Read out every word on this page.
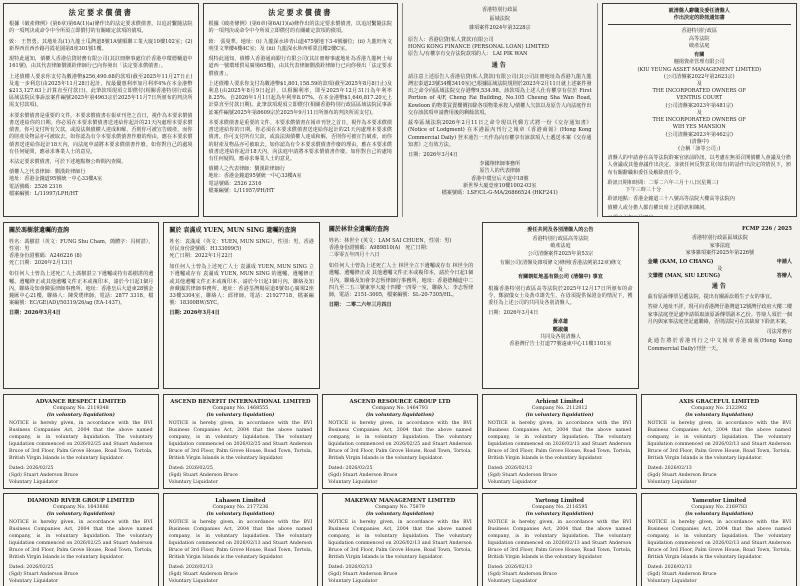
法定要求償債書

根據《破產條例》(第6章)第6A(1)(a)條作出的法定要求償債書，以追討繫隨法院的一項判決或命令中今所須立即償付的有關確定款項的債項。

致： 王智勇。其地址為(1)九龍土瓜灣道8號1A號順聯工業大廈10樓102室；(2)新界西貢西沙路丹霞花園第8座301號1樓。

現特此通知，債權人香港信貸財務有限公司(其註冊辦事處位於香港中環德輔道中161號)，由其代表律師劉漢銓律師行已向你發出「法定要求償債書」。

上述債權人要求你支付為數港幣$256,490.68的款項(截至2025年11月27日止)及進一步利息(由2025年11月28日起計，按最優惠利率加月利率4%在本金港幣$213,127.63上計算直至付款日)。此筆款項現須立即償付(相關香港特別行政區區域法院民事訴訟案件編號2025年第4963宗於2025年11月7日所頒布的判決所需支付款項)。

本要求償債書是重要的文件。本要求償債書在報章刊登之首日，視作為本要求償債書送達給你的日期。你必須在本要求償債書送達給你起計的21天內處理本要求償債書。你可支付所有欠款，或設法與債權人達成和解，否則你可被宣告破產，而你的財產及物品亦可被取去。如你認為有令本要求償債書作廢的理由，應在本要求償債書送達給你起計18天內，向法庭申請將本要求償債書作廢。如你對自己的處境有任何疑問，應尋求專業人士的意見。

本法定要求償債書，可於下述地點辦公時間內查閱。

債權人之代表律師：劉漢銓律師行
地址：香港金鐘道95號統一中心33樓A室
電話號碼：2526 2316
檔案編號：L/11997/LPH/HT
法定要求償債書

根據《破產條例》(第6章)第6A(1)(a)條作出的法定要求償債書，以追討繫隨法院的一項判決或命令中今所須立即償付的有關確定款項的債項。

致： 張曼華。地址：(i) 九龍深水埗青山道475號地下3-4號舖位；(ii) 九龍旺角文明里文華樓4樓4C室；及 (iii) 九龍深水埗西邨榮昌樓2樓C室。

現特此通知，債權人香港通商銀行有限公司(其註冊辦事處地址為香港九龍柯士甸道西一號環球貿易廣場65樓)，由其代表律師劉漢銓律師行已向你發出「法定要求償債書」。

上述債權人要求你支付為數港幣$1,801,158.59的款項(截至2025年8月8日止)及利息(由2025年8月9日起計，以相關利率，即至2025年12月31日為年利率8.25%、自2026年1月1日起為年利率8.07%，在本金港幣$1,646,817.20元上計算直至付款日期)。此筆款項現須立即償付(相關香港特別行政區區域法院民事訴訟案件編號2025年第8609宗於2025年9月11日所頒布的判決所需支付)。

本要求償債書是重要的文件。本要求償債書在報章刊登之首日，視作為本要求償債書送達給你的日期。你必須在本要求償債書送達給你起計的21天內處理本要求償債書。你可支付所有欠款，或設法與債權人達成和解，否則你可被宣告破產，而你的財產及物品亦可被取去。如你認為有令本要求償債書作廢的理由，應在本要求償債書送達給你起計18天內，向法庭申請將本要求償債書作廢。如你對自己的處境有任何疑問，應尋求專業人士的意見。

債權人之代表律師：劉漢銓律師行
地址：香港金鐘道95號統一中心33樓A室
電話號碼：2526 2316
檔案編號：L/11957/PH/HT
香港特別行政區
區域法院
雜項案件2024年第3228宗
原告人：香港信貸(私人貸款)有限公司
HONG KONG FINANCE (PERSONAL LOAN) LIMITED
原告人/有權享有交存法院款項的人： LAI PIK WAN
通告

請注意上述原告人香港信貸(私人貸款)有限公司(其公司註冊地址為香港九龍九龍灣宏泰道23號34樓3410室)已根據區域法院規則於2023年2月11日就上述案件發出之命令向區域法院交存港幣9,534.98。該款項為上述人仕有權享有位於 First Portion of 4/F, Cheng Fai Building, No.105 Cheung Sha Wan Road, Kowloon 的物業買賣樓價扣除各項物業承按人/債權人欠款以及原告人向法庭作出交存該款項申請費用後的剩餘款項。

茲奉區域法院2026年2月11日之命令現以代郵方式將一份《交存通知書》(Notice of Lodgment) 在本港區內刊行之報章《香港商報》(Hong Kong Commercial Daily) 登本通告一天作為向有權享有該款項人士遞送本案《交存通知書》之有效方法。

日期：2026年3月4日
李國翔律師事務所
原告人的代表律師
香港中環皇后大道中18號
新世界大廈壹座10樓1002-03室
檔案號碼：LSF/CL-G-MA/26866524 (HKF241)
就清盤人辭職及委任清盤人
作出決定的聆訊通知書
香港特別行政區
高等法院
破產法庭
有關
翹揚資產管理有限公司
(KIU YEUNG ASSET MANAGEMENT LIMITED)
(公司清盤案2022年第2623宗)
及
THE INCORPORATED OWNERS OF
VENTRIS COURT
(公司清盤案2023年第481宗)
及
THE INCORPORATED OWNERS OF
WIH YES MANSION
(公司清盤案2023年第462宗)
(清盤中)
(合稱「該等公司」)

清盤人的申請會在高等法院聆案官席前聆訊，以考慮在無須召開債權人會議及分擔人會議或其他會議作出決定、並就任何反對意見(如有)的話作出決定的情況下，頒布有關辭職和委任及解除責任令。

聆訊日期和時間：二零二六年三月十八日(星期三)
下午三時三十分
聆訊地點：香港金鐘道三十八號高等法院大樓高等法院內
債權人或分擔人都有權出席上述聆訊和陳詞。
關於馮樹湛遺囑的查詢
姓名：馮樹湛（英文：FUNG Shu Cham，簡體字：冯树湛），性別：男
香港身份證號碼：A246226 (8)
死亡日期：2026年2月13日

如任何人士曾為上述死亡人士馮樹湛立下遺囑或持有馮樹湛的遺囑、遺囑修正或其他遺囑文件正本或複印本，請於今日起1個月內，聯絡及知會陳張律師事務所，地址：香港皇后大道東28號金鐘匯中心21樓，聯絡人：陳愛瑤律師，電話：2877 3318，檔案編號：EC/GE(AD)/50319/26/ag (EA-1437)。

日期：2026年3月4日
關於 袁滿成 YUEN, MUN SING 遺囑的查詢
姓名：袁滿成（英文：YUEN, MUN SING），性別：男，香港居民身份證號碼：H133099(5)
死亡日期：2022年1月22日

如任何人士曾為上述死亡人士 袁滿成 YUEN, MUN SING 立下遺囑或存有 袁滿成 YUEN, MUN SING 的遺囑、遺囑修正或其他遺囑文件正本或複印本，請於今日起1個月內，聯絡及知會戴國洪律師事務所，地址：香港荃灣楊屋道8號如心廣場2座33樓3304室，聯絡人：邱律師，電話：21927718，檔案編號：18300BW/SYC。

日期: 2026年3月4日
關於林世全遺囑的查詢
姓名：林世全 (英文：LAM SAI CHUEN，性別：男)
香港身份證號碼：A989810(A)　死亡日期：
二零零五年四月十八日

如任何人士曾為上述死亡人士 林世全立下遺囑或存有 林世全的遺囑、遺囑修正或 其他遺囑文件正本或複印本，請於今日起1個月內，聯絡及知會李志恆律師行事務所，地址：香港德輔道中二四九至二五三號東寧大廈十四樓一四零一室，聯絡人：李志恆律師，電話：2151-3005，檔案編號：SL-20-7305/HL。

日期： 二零二六年三月四日
委任共同及各別清盤人的公告
香港特別行政區高等法院
破產法庭
公司清盤案件2025年第53宗
有關公司(清盤及雜項條文)條例(香港法例第32章)條文
及
有關朝虹地基有限公司 (清盤中) 事宜

根據香港特別行政區高等法院於2025年12月17日所頒布的命令，鄭淑儀女士及黃卓雄先生，在毋須提供保證金的情況下，獲委任為上述公司的共同及各別清盤人。

日期：2026年3月4日
黃卓雄
鄭淑儀
共同及各別清盤人
香港灣仔告士打道77號遠東中心11樓1101室
FCMP 226 / 2025
香港特別行政區區域法院
家事法庭
家事雜項案件2025年第226號
金曦 (KAM, LO CHANG)	申請人
及
文肇樑 (MAN, SIU LEUNG)	答辯人
通告

茲有原訴傳票呈遞法院，提出有關訴訟婚生子女的事宜。

答辯人地址不詳，現可向香港灣仔港灣道12號灣仔政府大樓二樓家事法庭登記處申請領取該原訴傳票副本乙份。答辯人須於一個月內與家事法庭登記處聯絡，否則法院可在其缺席下聆訊本案。

司法常務官

此通告將於香港刊行之中文報章香港商報(Hong Kong Commercial Daily)刊登一天。

ADVANCE RESPECT LIMITED
Company No. 2119348
(in voluntary liquidation)
NOTICE is hereby given, in accordance with the BVI Business Companies Act, 2004 that the above named company, is in voluntary liquidation. The voluntary liquidation commenced on 2026/02/25 and Stuart Anderson Bruce of 3rd Floor, Palm Grove House, Road Town, Tortola, British Virgin Islands is the voluntary liquidator.
Dated: 2026/02/25
(Sgd) Stuart Anderson Bruce
Voluntary Liquidator
ASCEND BENEFIT INTERNATIONAL LIMITED
Company No. 1468555
(in voluntary liquidation)
NOTICE is hereby given, in accordance with the BVI Business Companies Act, 2004 that the above named company, is in voluntary liquidation. The voluntary liquidation commenced on 2026/02/25 and Stuart Anderson Bruce of 3rd Floor, Palm Grove House, Road Town, Tortola, British Virgin Islands is the voluntary liquidator.
Dated: 2026/02/25
(Sgd) Stuart Anderson Bruce
Voluntary Liquidator
ASCEND RESOURCE GROUP LTD
Company No. 1464793
(in voluntary liquidation)
NOTICE is hereby given, in accordance with the BVI Business Companies Act, 2004 that the above named company, is in voluntary liquidation. The voluntary liquidation commenced on 2026/02/25 and Stuart Anderson Bruce of 3rd Floor, Palm Grove House, Road Town, Tortola, British Virgin Islands is the voluntary liquidator.
Dated: 2026/02/25
(Sgd) Stuart Anderson Bruce
Voluntary Liquidator
Arhient Limited
Company No. 2112812
(in voluntary liquidation)
NOTICE is hereby given, in accordance with the BVI Business Companies Act, 2004 that the above named company, is in voluntary liquidation. The voluntary liquidation commenced on 2026/02/13 and Stuart Anderson Bruce of 3rd Floor, Palm Grove House, Road Town, Tortola, British Virgin Islands is the voluntary liquidator.
Dated: 2026/02/13
(Sgd) Stuart Anderson Bruce
Voluntary Liquidator
AXIS GRACEFUL LIMITED
Company No. 2122902
(in voluntary liquidation)
NOTICE is hereby given, in accordance with the BVI Business Companies Act, 2004 that the above named company, is in voluntary liquidation. The voluntary liquidation commenced on 2026/02/13 and Stuart Anderson Bruce of 3rd Floor, Palm Grove House, Road Town, Tortola, British Virgin Islands is the voluntary liquidator.
Dated: 2026/02/13
(Sgd) Stuart Anderson Bruce
Voluntary Liquidator
DIAMOND RIVER GROUP LIMITED
Company No. 1643886
(in voluntary liquidation)
NOTICE is hereby given, in accordance with the BVI Business Companies Act, 2004 that the above named company, is in voluntary liquidation. The voluntary liquidation commenced on 2026/02/25 and Stuart Anderson Bruce of 3rd Floor, Palm Grove House, Road Town, Tortola, British Virgin Islands is the voluntary liquidator.
Dated: 2026/02/25
(Sgd) Stuart Anderson Bruce
Voluntary Liquidator
Lahasen Limited
Company No. 2177236
(in voluntary liquidation)
NOTICE is hereby given, in accordance with the BVI Business Companies Act, 2004 that the above named company, is in voluntary liquidation. The voluntary liquidation commenced on 2026/02/13 and Stuart Anderson Bruce of 3rd Floor, Palm Grove House, Road Town, Tortola, British Virgin Islands is the voluntary liquidator.
Dated: 2026/02/13
(Sgd) Stuart Anderson Bruce
Voluntary Liquidator
MAKEWAY MANAGEMENT LIMITED
Company No. 75879
(in voluntary liquidation)
NOTICE is hereby given, in accordance with the BVI Business Companies Act, 2004 that the above named company, is in voluntary liquidation. The voluntary liquidation commenced on 2026/02/13 and Stuart Anderson Bruce of 3rd Floor, Palm Grove House, Road Town, Tortola, British Virgin Islands is the voluntary liquidator.
Dated: 2026/02/13
(Sgd) Stuart Anderson Bruce
Voluntary Liquidator
Yartong Limited
Company No. 2116595
(in voluntary liquidation)
NOTICE is hereby given, in accordance with the BVI Business Companies Act, 2004 that the above named company, is in voluntary liquidation. The voluntary liquidation commenced on 2026/02/13 and Stuart Anderson Bruce of 3rd Floor, Palm Grove House, Road Town, Tortola, British Virgin Islands is the voluntary liquidator.
Dated: 2026/02/13
(Sgd) Stuart Anderson Bruce
Voluntary Liquidator
Yamentor Limited
Company No. 2169783
(in voluntary liquidation)
NOTICE is hereby given, in accordance with the BVI Business Companies Act, 2004 that the above named company, is in voluntary liquidation. The voluntary liquidation commenced on 2026/02/13 and Stuart Anderson Bruce of 3rd Floor, Palm Grove House, Road Town, Tortola, British Virgin Islands is the voluntary liquidator.
Dated: 2026/02/13
(Sgd) Stuart Anderson Bruce
Voluntary Liquidator
